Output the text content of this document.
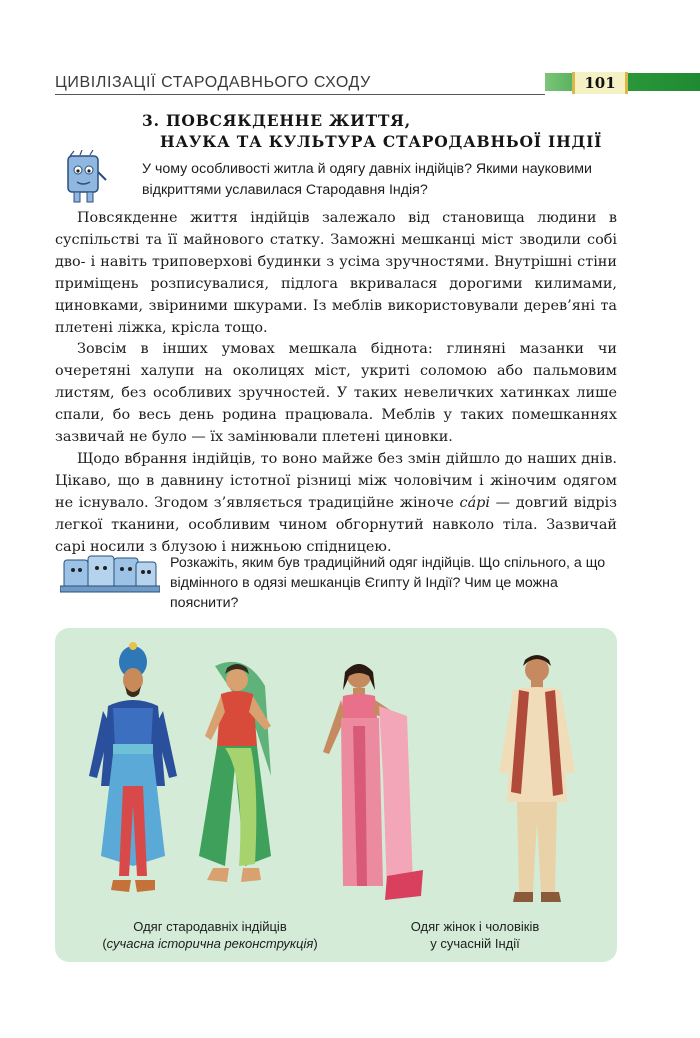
ЦИВІЛІЗАЦІЇ СТАРОДАВНЬОГО СХОДУ	101
3. ПОВСЯКДЕННЕ ЖИТТЯ,
НАУКА ТА КУЛЬТУРА СТАРОДАВНЬОЇ ІНДІЇ
У чому особливості житла й одягу давніх індійців? Якими науковими відкриттями уславилася Стародавня Індія?

Повсякденне життя індійців залежало від становища людини в суспільстві та її майнового статку. Заможні мешканці міст зводили собі дво- і навіть триповерхові будинки з усіма зручностями. Внутрішні стіни приміщень розписувалися, підлога вкривалася дорогими килимами, циновками, звіриними шкурами. Із меблів використовували дерев’яні та плетені ліжка, крісла тощо.

Зовсім в інших умовах мешкала біднота: глиняні мазанки чи очеретяні халупи на околицях міст, укриті соломою або пальмовим листям, без особливих зручностей. У таких невеличких хатинках лише спали, бо весь день родина працювала. Меблів у таких помешканнях зазвичай не було — їх замінювали плетені циновки.

Щодо вбрання індійців, то воно майже без змін дійшло до наших днів. Цікаво, що в давнину істотної різниці між чоловічим і жіночим одягом не існувало. Згодом з’являється традиційне жіноче сáрі — довгий відріз легкої тканини, особливим чином обгорнутий навколо тіла. Зазвичай сарі носили з блузою і нижньою спідницею.

Розкажіть, яким був традиційний одяг індійців. Що спільного, а що відмінного в одязі мешканців Єгипту й Індії? Чим це можна пояснити?
Одяг стародавніх індійців
(сучасна історична реконструкція)
Одяг жінок і чоловіків
у сучасній Індії
